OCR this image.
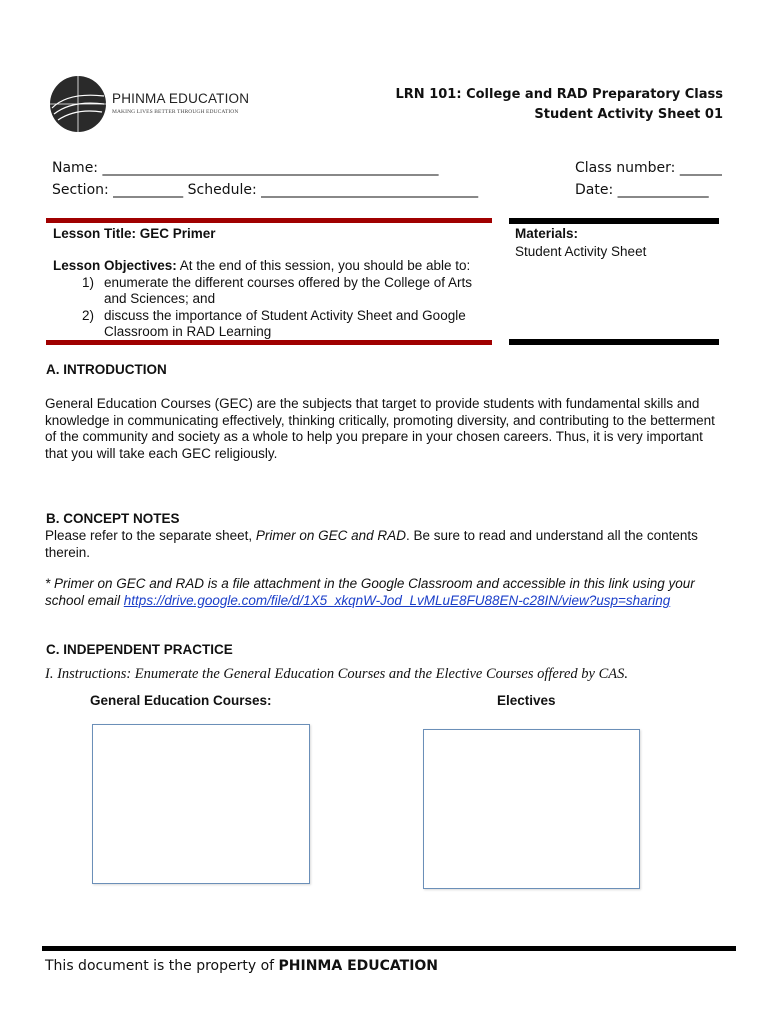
PHINMA EDUCATION
MAKING LIVES BETTER THROUGH EDUCATION
LRN 101: College and RAD Preparatory Class
Student Activity Sheet 01
Name: ________________________________________________	Class number: ______
Section: __________ Schedule: _______________________________	Date: _____________
Lesson Title: GEC Primer
Lesson Objectives: At the end of this session, you should be able to:
1) enumerate the different courses offered by the College of Arts and Sciences; and
2) discuss the importance of Student Activity Sheet and Google Classroom in RAD Learning
Materials:
Student Activity Sheet
A. INTRODUCTION
General Education Courses (GEC) are the subjects that target to provide students with fundamental skills and knowledge in communicating effectively, thinking critically, promoting diversity, and contributing to the betterment of the community and society as a whole to help you prepare in your chosen careers. Thus, it is very important that you will take each GEC religiously.
B. CONCEPT NOTES
Please refer to the separate sheet, Primer on GEC and RAD. Be sure to read and understand all the contents therein.
* Primer on GEC and RAD is a file attachment in the Google Classroom and accessible in this link using your school email https://drive.google.com/file/d/1X5_xkqnW-Jod_LvMLuE8FU88EN-c28IN/view?usp=sharing
C. INDEPENDENT PRACTICE
I. Instructions: Enumerate the General Education Courses and the Elective Courses offered by CAS.
General Education Courses:	Electives
This document is the property of PHINMA EDUCATION
